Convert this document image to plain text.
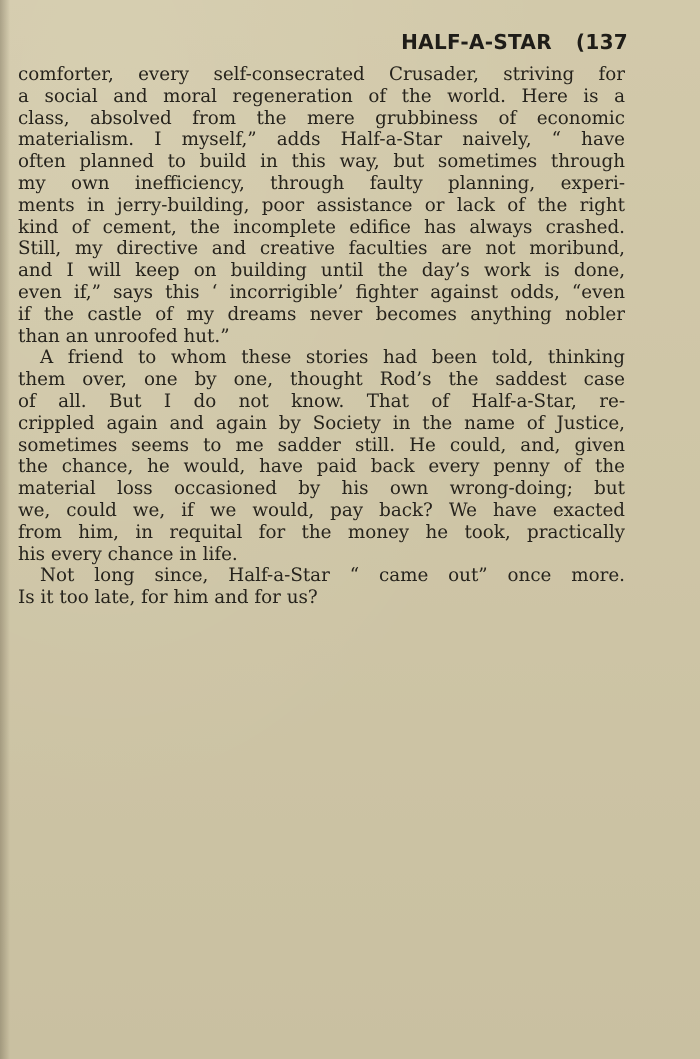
HALF-A-STAR (137
comforter, every self-consecrated Crusader, striving for
a social and moral regeneration of the world. Here is a
class, absolved from the mere grubbiness of economic
materialism. I myself,” adds Half-a-Star naively, “ have
often planned to build in this way, but sometimes through
my own inefficiency, through faulty planning, experi-
ments in jerry-building, poor assistance or lack of the right
kind of cement, the incomplete edifice has always crashed.
Still, my directive and creative faculties are not moribund,
and I will keep on building until the day’s work is done,
even if,” says this ‘ incorrigible’ fighter against odds, “even
if the castle of my dreams never becomes anything nobler
than an unroofed hut.”
A friend to whom these stories had been told, thinking
them over, one by one, thought Rod’s the saddest case
of all. But I do not know. That of Half-a-Star, re-
crippled again and again by Society in the name of Justice,
sometimes seems to me sadder still. He could, and, given
the chance, he would, have paid back every penny of the
material loss occasioned by his own wrong-doing; but
we, could we, if we would, pay back? We have exacted
from him, in requital for the money he took, practically
his every chance in life.
Not long since, Half-a-Star “ came out” once more.
Is it too late, for him and for us?
